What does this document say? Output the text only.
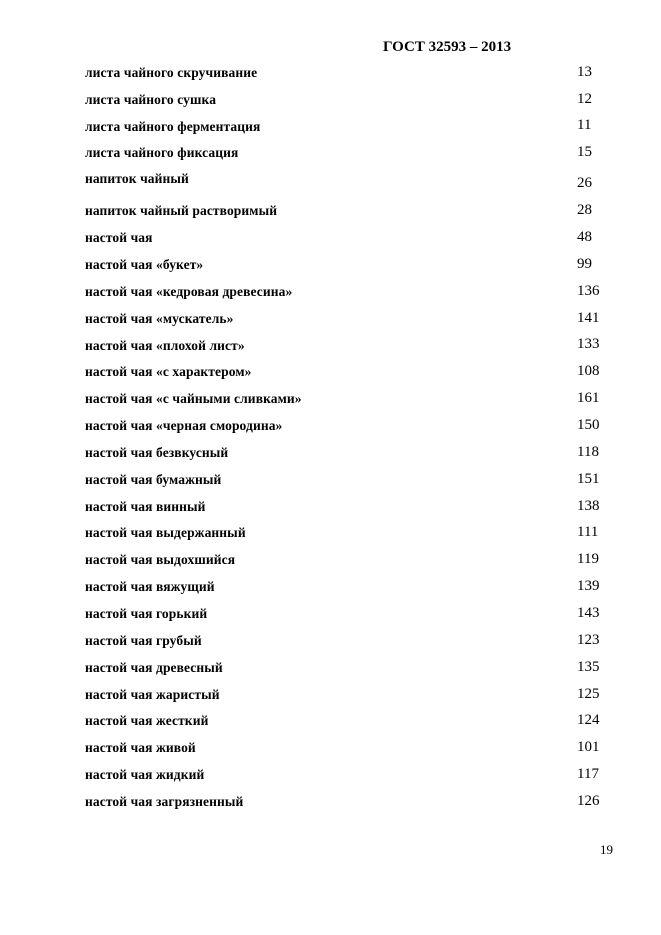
ГОСТ 32593 – 2013
листа чайного скручивание	13
листа чайного сушка	12
листа чайного ферментация	11
листа чайного фиксация	15
напиток чайный	26
напиток чайный растворимый	28
настой чая	48
настой чая «букет»	99
настой чая «кедровая древесина»	136
настой чая «мускатель»	141
настой чая «плохой лист»	133
настой чая «с характером»	108
настой чая «с чайными сливками»	161
настой чая «черная смородина»	150
настой чая безвкусный	118
настой чая бумажный	151
настой чая винный	138
настой чая выдержанный	111
настой чая выдохшийся	119
настой чая вяжущий	139
настой чая горький	143
настой чая грубый	123
настой чая древесный	135
настой чая жаристый	125
настой чая жесткий	124
настой чая живой	101
настой чая жидкий	117
настой чая загрязненный	126
19
